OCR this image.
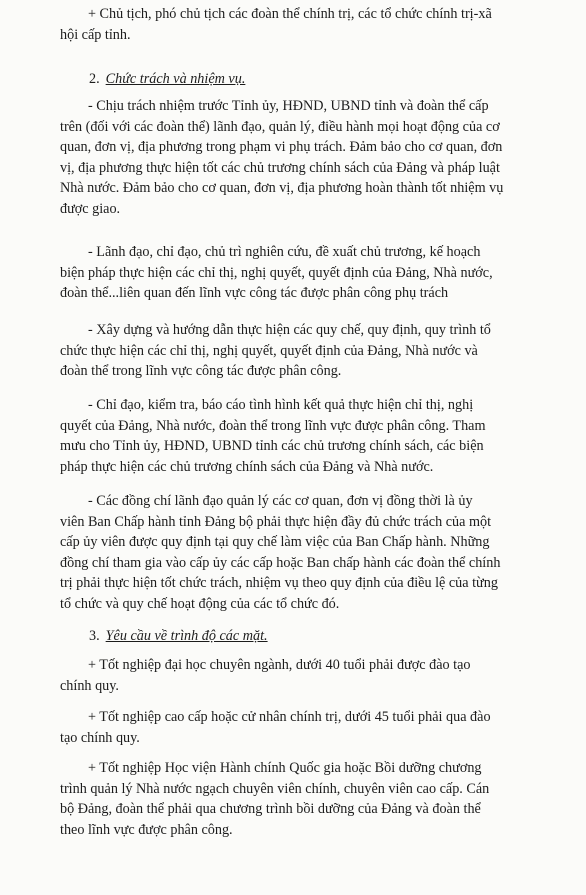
+ Chủ tịch, phó chủ tịch các đoàn thể chính trị, các tổ chức chính trị-xã
hội cấp tỉnh.
2. Chức trách và nhiệm vụ.
- Chịu trách nhiệm trước Tỉnh ủy, HĐND, UBND tỉnh và đoàn thể cấp
trên (đối với các đoàn thể) lãnh đạo, quản lý, điều hành mọi hoạt động của cơ
quan, đơn vị, địa phương trong phạm vi phụ trách. Đảm bảo cho cơ quan, đơn
vị, địa phương thực hiện tốt các chủ trương chính sách của Đảng và pháp luật
Nhà nước. Đảm bảo cho cơ quan, đơn vị, địa phương hoàn thành tốt nhiệm vụ
được giao.
- Lãnh đạo, chỉ đạo, chủ trì nghiên cứu, đề xuất chủ trương, kế hoạch
biện pháp thực hiện các chỉ thị, nghị quyết, quyết định của Đảng, Nhà nước,
đoàn thể...liên quan đến lĩnh vực công tác được phân công phụ trách
- Xây dựng và hướng dẫn thực hiện các quy chế, quy định, quy trình tổ
chức thực hiện các chỉ thị, nghị quyết, quyết định của Đảng, Nhà nước và
đoàn thể trong lĩnh vực công tác được phân công.
- Chỉ đạo, kiểm tra, báo cáo tình hình kết quả thực hiện chỉ thị, nghị
quyết của Đảng, Nhà nước, đoàn thể trong lĩnh vực được phân công. Tham
mưu cho Tỉnh ủy, HĐND, UBND tỉnh các chủ trương chính sách, các biện
pháp thực hiện các chủ trương chính sách của Đảng và Nhà nước.
- Các đồng chí lãnh đạo quản lý các cơ quan, đơn vị đồng thời là ủy
viên Ban Chấp hành tỉnh Đảng bộ phải thực hiện đầy đủ chức trách của một
cấp ủy viên được quy định tại quy chế làm việc của Ban Chấp hành. Những
đồng chí tham gia vào cấp ủy các cấp hoặc Ban chấp hành các đoàn thể chính
trị phải thực hiện tốt chức trách, nhiệm vụ theo quy định của điều lệ của từng
tổ chức và quy chế hoạt động của các tổ chức đó.
3. Yêu cầu về trình độ các mặt.
+ Tốt nghiệp đại học chuyên ngành, dưới 40 tuổi phải được đào tạo
chính quy.
+ Tốt nghiệp cao cấp hoặc cử nhân chính trị, dưới 45 tuổi phải qua đào
tạo chính quy.
+ Tốt nghiệp Học viện Hành chính Quốc gia hoặc Bồi dưỡng chương
trình quản lý Nhà nước ngạch chuyên viên chính, chuyên viên cao cấp. Cán
bộ Đảng, đoàn thể phải qua chương trình bồi dưỡng của Đảng và đoàn thể
theo lĩnh vực được phân công.
